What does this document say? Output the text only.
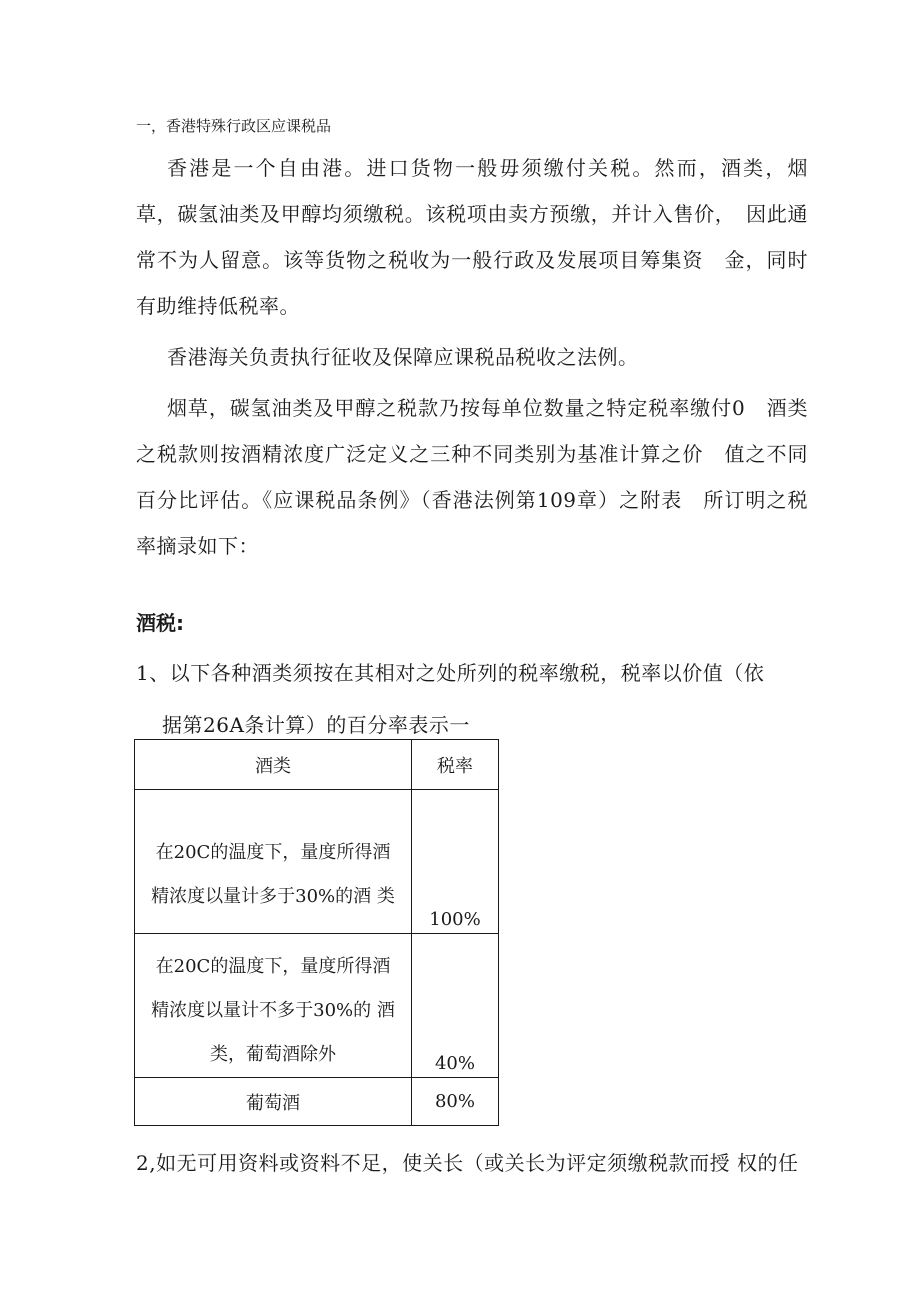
一，香港特殊行政区应课税品

香港是一个自由港。进口货物一般毋须缴付关税。然而，酒类，烟　草，碳氢油类及甲醇均须缴税。该税项由卖方预缴，并计入售价，　因此通常不为人留意。该等货物之税收为一般行政及发展项目筹集资　金，同时有助维持低税率。

香港海关负责执行征收及保障应课税品税收之法例。

烟草，碳氢油类及甲醇之税款乃按每单位数量之特定税率缴付0　酒类之税款则按酒精浓度广泛定义之三种不同类别为基准计算之价　值之不同百分比评估。《应课税品条例》（香港法例第109章）之附表　所订明之税率摘录如下：

酒税:
1、以下各种酒类须按在其相对之处所列的税率缴税，税率以价值（依
据第26A条计算）的百分率表示一
酒类	税率

在20C的温度下，量度所得酒
精浓度以量计多于30%的酒 类	100%

在20C的温度下，量度所得酒
精浓度以量计不多于30%的 酒
类，葡萄酒除外	40%
葡萄酒	80%
2,如无可用资料或资料不足，使关长（或关长为评定须缴税款而授 权的任
